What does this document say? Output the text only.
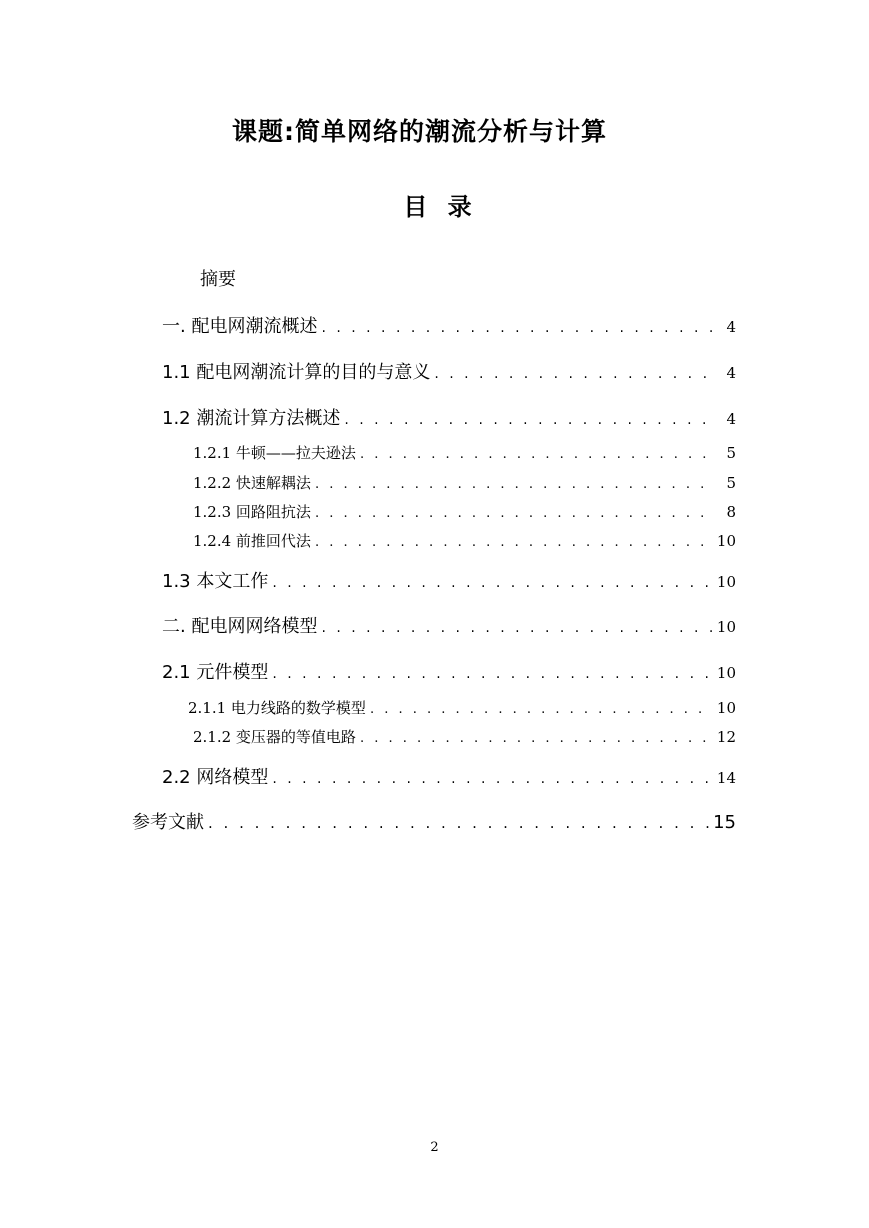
课题:简单网络的潮流分析与计算
目 录
摘要
一. 配电网潮流概述 . . .	4
1.1 配电网潮流计算的目的与意义 . . .	4
1.2 潮流计算方法概述 . . .	4
1.2.1 牛顿——拉夫逊法 . . .	5
1.2.2 快速解耦法 . . .	5
1.2.3 回路阻抗法 . . .	8
1.2.4 前推回代法 . . .	10
1.3 本文工作 . . .	10
二. 配电网网络模型 . . .	10
2.1 元件模型 . . .	10
2.1.1 电力线路的数学模型 . . .	10
2.1.2 变压器的等值电路 . . .	12
2.2 网络模型 . . .	14
参考文献 . . .	15
2
